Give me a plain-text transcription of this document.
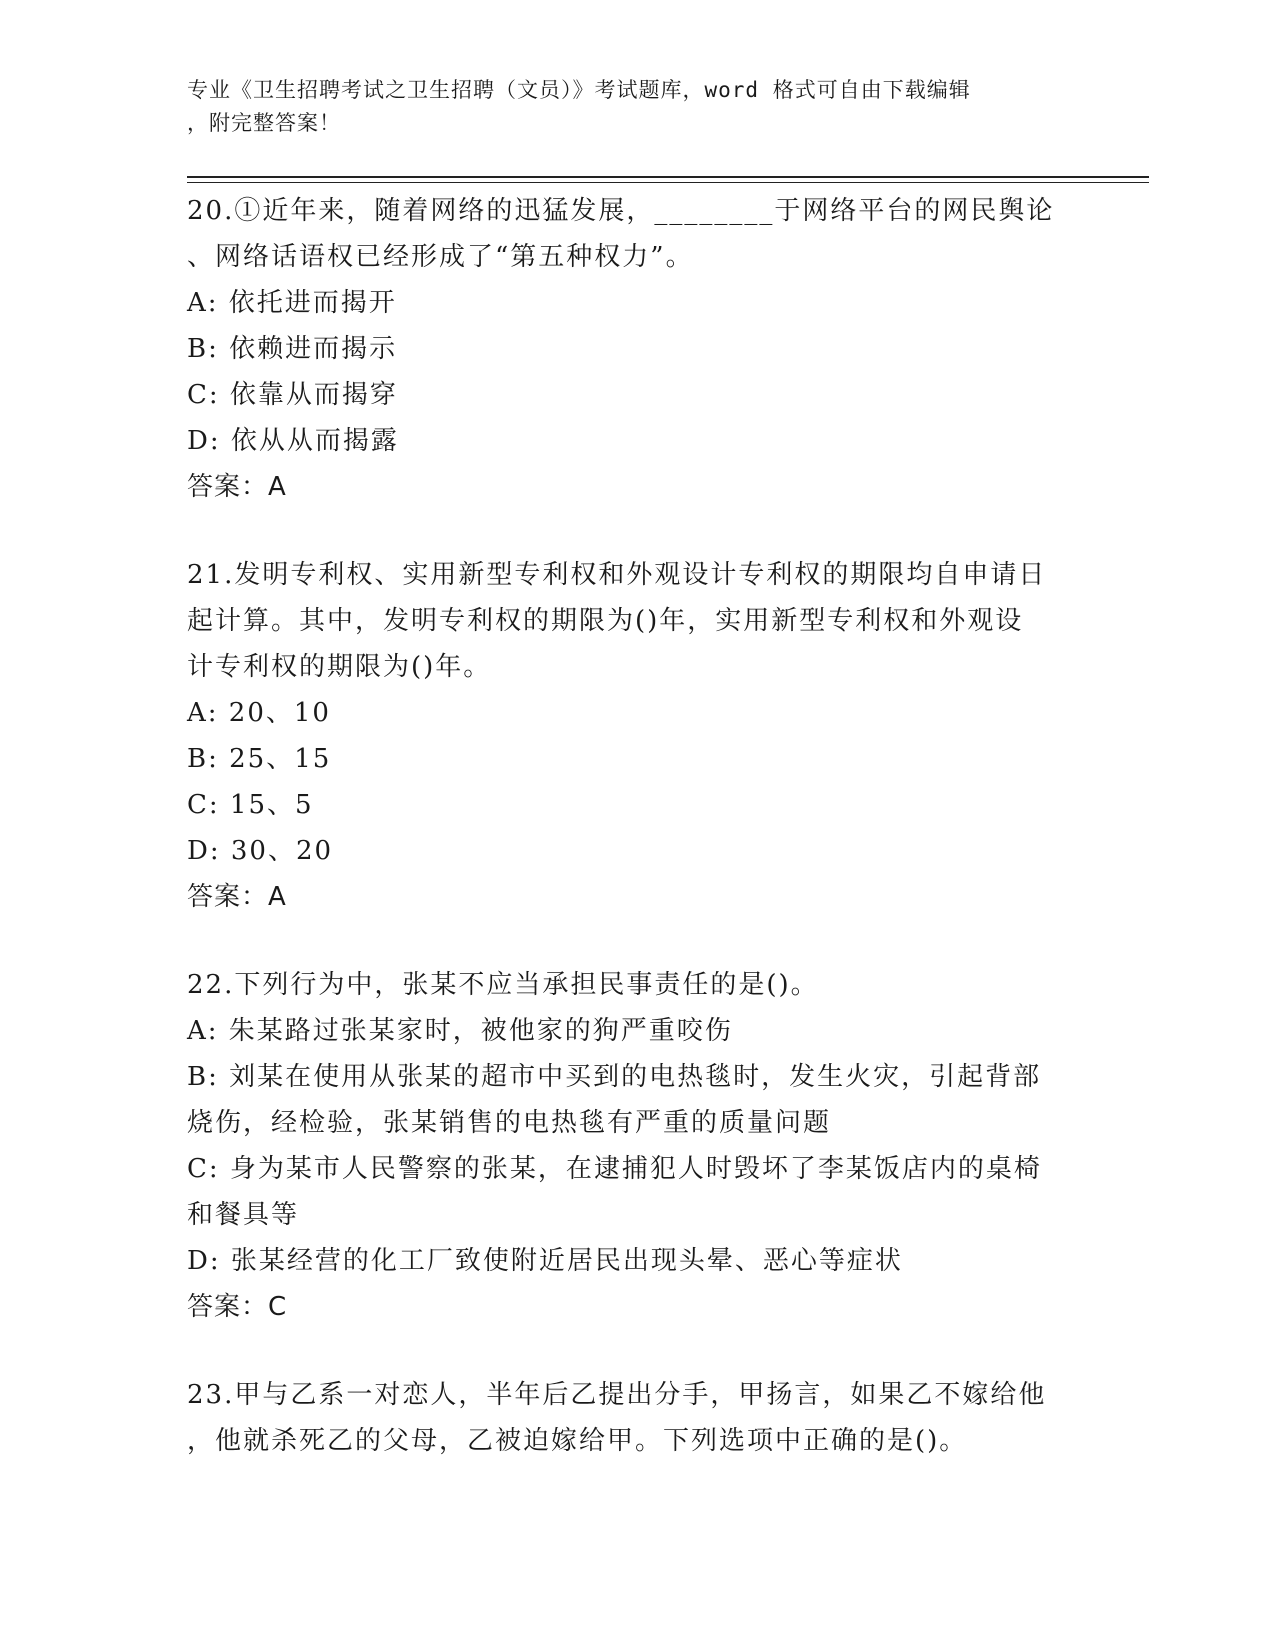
专业《卫生招聘考试之卫生招聘（文员）》考试题库，word 格式可自由下载编辑
，附完整答案！
20.①近年来，随着网络的迅猛发展，________于网络平台的网民舆论
、网络话语权已经形成了“第五种权力”。
A: 依托进而揭开
B: 依赖进而揭示
C: 依靠从而揭穿
D: 依从从而揭露
答案：A
21.发明专利权、实用新型专利权和外观设计专利权的期限均自申请日
起计算。其中，发明专利权的期限为()年，实用新型专利权和外观设
计专利权的期限为()年。
A: 20、10
B: 25、15
C: 15、5
D: 30、20
答案：A
22.下列行为中，张某不应当承担民事责任的是()。
A: 朱某路过张某家时，被他家的狗严重咬伤
B: 刘某在使用从张某的超市中买到的电热毯时，发生火灾，引起背部
烧伤，经检验，张某销售的电热毯有严重的质量问题
C: 身为某市人民警察的张某，在逮捕犯人时毁坏了李某饭店内的桌椅
和餐具等
D: 张某经营的化工厂致使附近居民出现头晕、恶心等症状
答案：C
23.甲与乙系一对恋人，半年后乙提出分手，甲扬言，如果乙不嫁给他
，他就杀死乙的父母，乙被迫嫁给甲。下列选项中正确的是()。
